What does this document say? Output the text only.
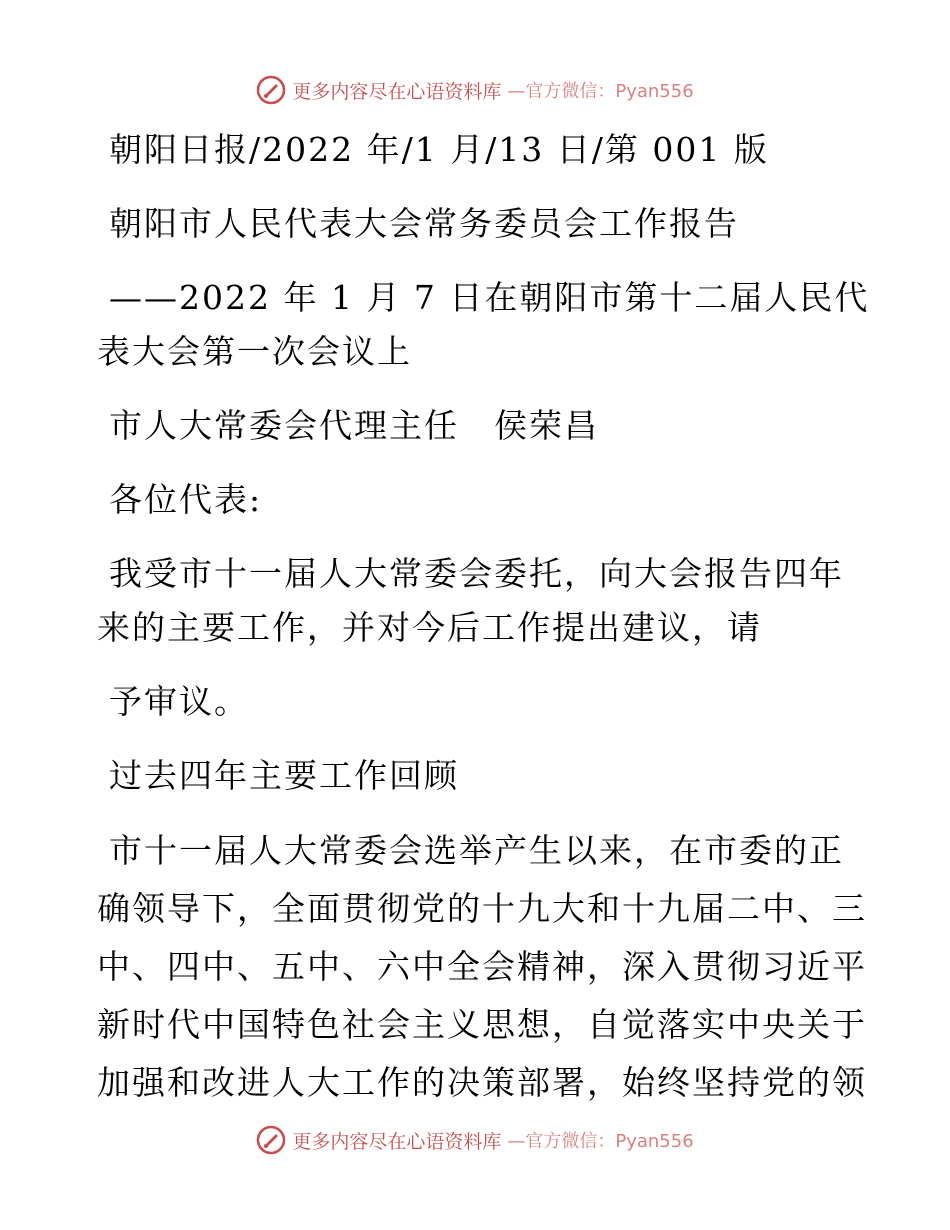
更多内容尽在心语资料库 —官方微信：Pyan556

朝阳日报/2022 年/1 月/13 日/第 001 版

朝阳市人民代表大会常务委员会工作报告

——2022 年 1 月 7 日在朝阳市第十二届人民代

表大会第一次会议上

市人大常委会代理主任　侯荣昌

各位代表:

我受市十一届人大常委会委托，向大会报告四年

来的主要工作，并对今后工作提出建议，请

予审议。

过去四年主要工作回顾

市十一届人大常委会选举产生以来，在市委的正

确领导下，全面贯彻党的十九大和十九届二中、三

中、四中、五中、六中全会精神，深入贯彻习近平

新时代中国特色社会主义思想，自觉落实中央关于

加强和改进人大工作的决策部署，始终坚持党的领

更多内容尽在心语资料库 —官方微信：Pyan556
